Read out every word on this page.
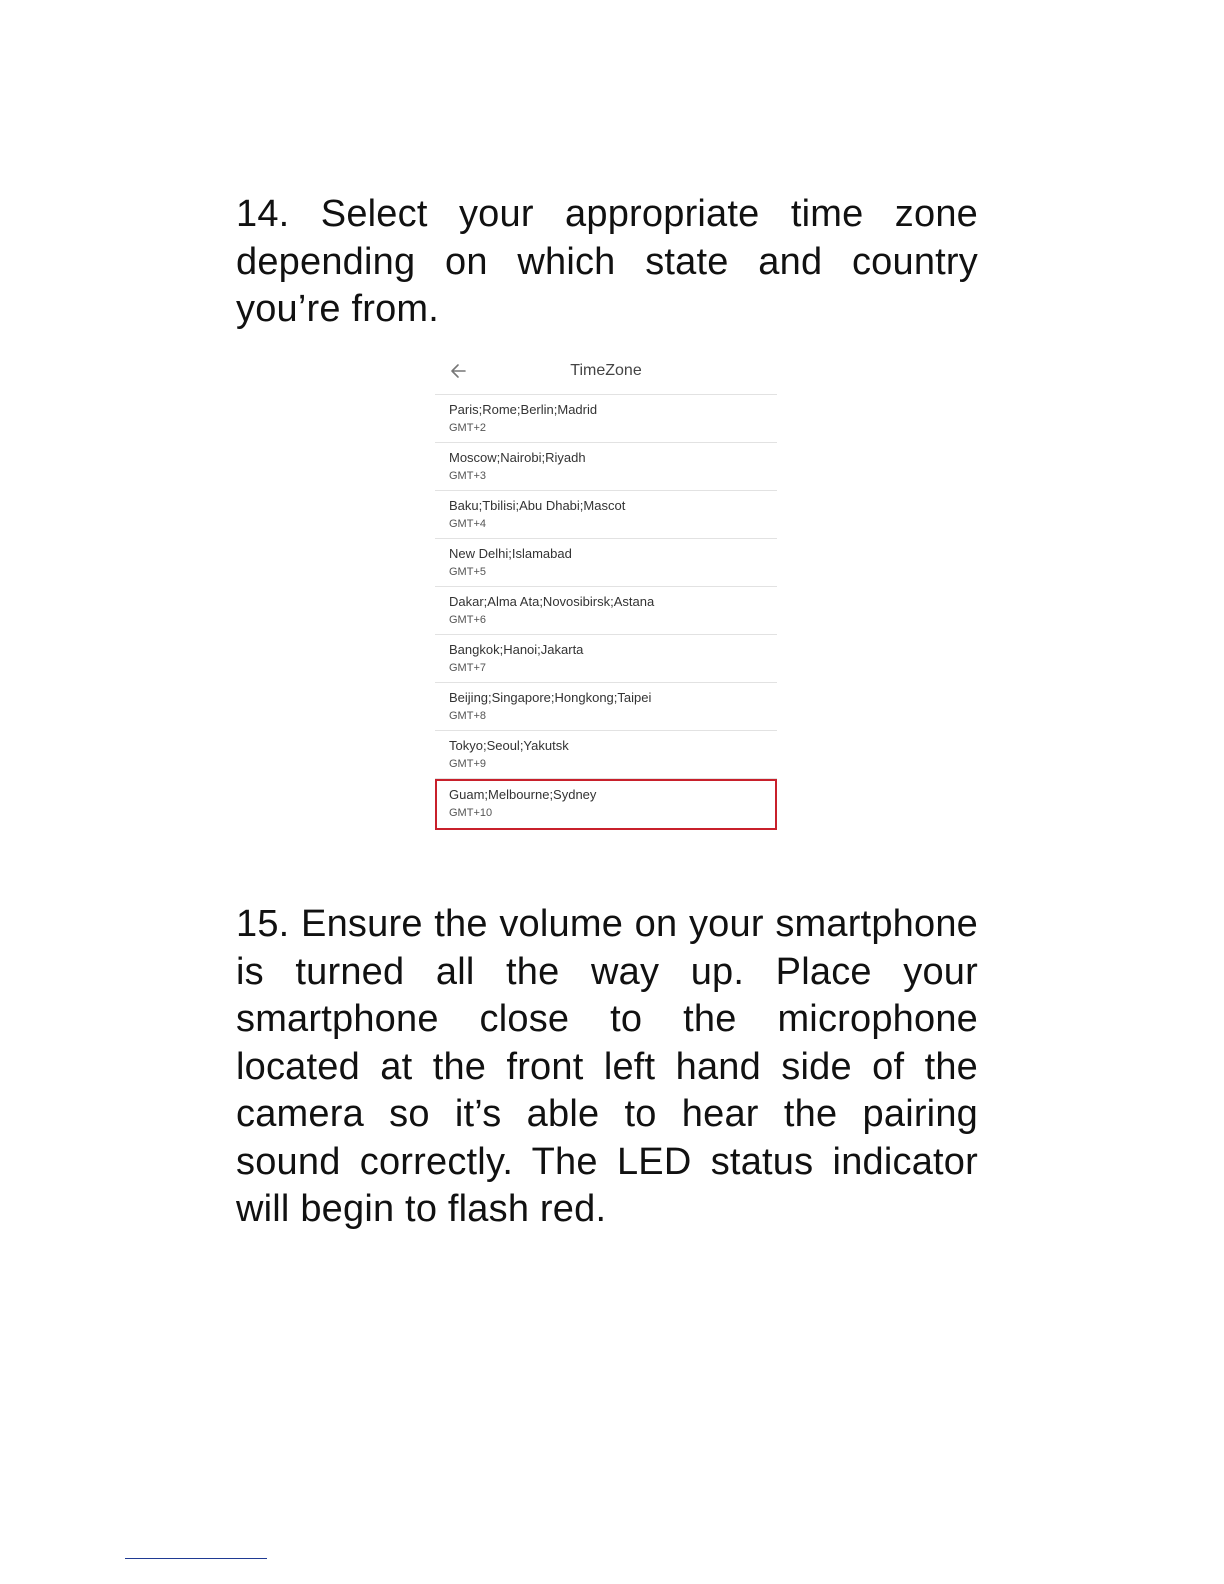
14. Select your appropriate time zone depending on which state and country you’re from.

TimeZone
Paris;Rome;Berlin;Madrid
GMT+2
Moscow;Nairobi;Riyadh
GMT+3
Baku;Tbilisi;Abu Dhabi;Mascot
GMT+4
New Delhi;Islamabad
GMT+5
Dakar;Alma Ata;Novosibirsk;Astana
GMT+6
Bangkok;Hanoi;Jakarta
GMT+7
Beijing;Singapore;Hongkong;Taipei
GMT+8
Tokyo;Seoul;Yakutsk
GMT+9
Guam;Melbourne;Sydney
GMT+10

15. Ensure the volume on your smartphone is turned all the way up. Place your smartphone close to the microphone located at the front left hand side of the camera so it’s able to hear the pairing sound correctly. The LED status indicator will begin to flash red.
